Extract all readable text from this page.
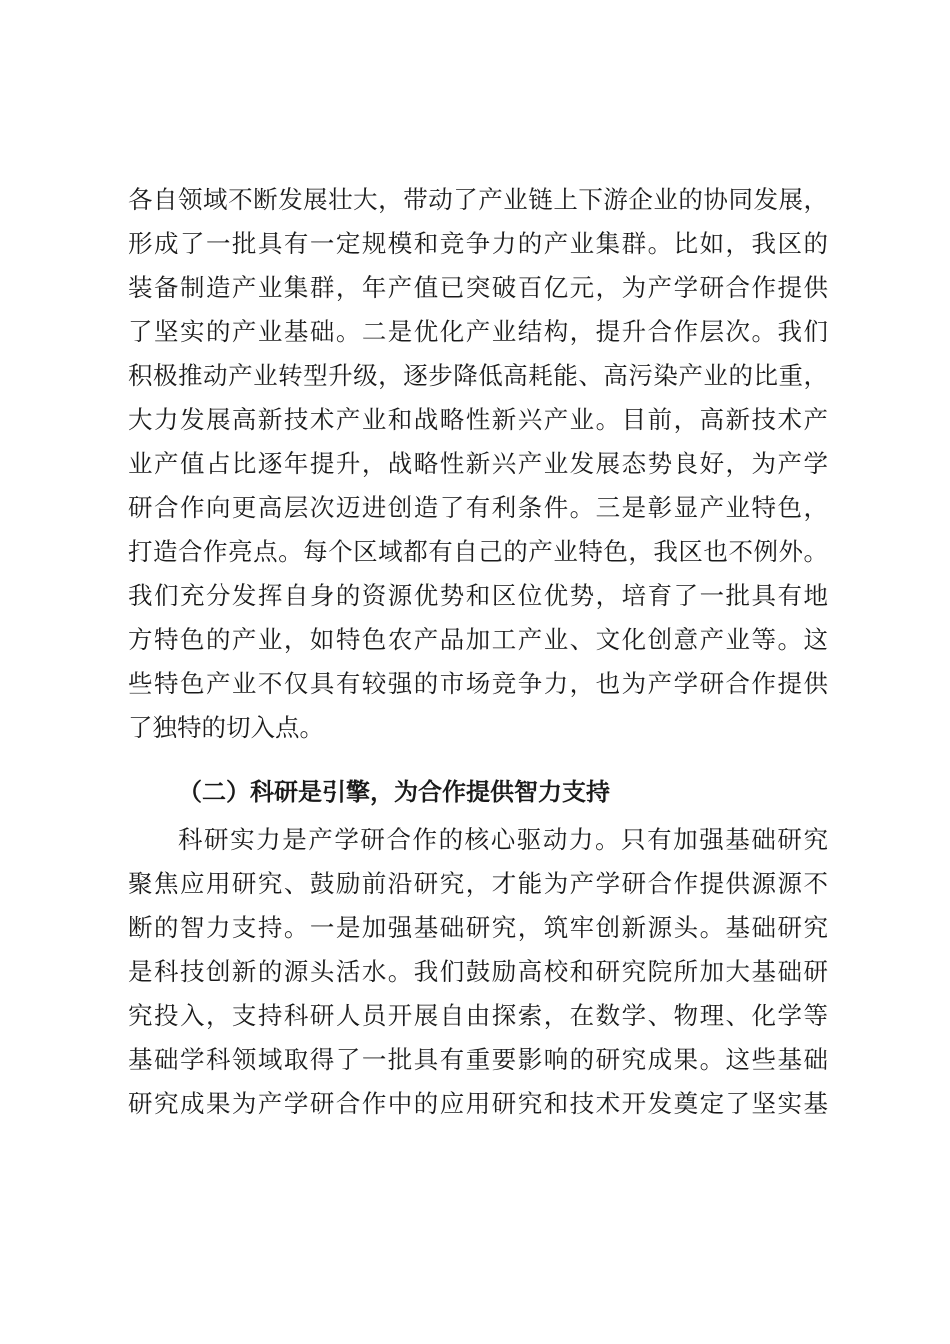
各自领域不断发展壮大，带动了产业链上下游企业的协同发展，
形成了一批具有一定规模和竞争力的产业集群。比如，我区的
装备制造产业集群，年产值已突破百亿元，为产学研合作提供
了坚实的产业基础。二是优化产业结构，提升合作层次。我们
积极推动产业转型升级，逐步降低高耗能、高污染产业的比重，
大力发展高新技术产业和战略性新兴产业。目前，高新技术产
业产值占比逐年提升，战略性新兴产业发展态势良好，为产学
研合作向更高层次迈进创造了有利条件。三是彰显产业特色，
打造合作亮点。每个区域都有自己的产业特色，我区也不例外。
我们充分发挥自身的资源优势和区位优势，培育了一批具有地
方特色的产业，如特色农产品加工产业、文化创意产业等。这
些特色产业不仅具有较强的市场竞争力，也为产学研合作提供
了独特的切入点。
（二）科研是引擎，为合作提供智力支持
科研实力是产学研合作的核心驱动力。只有加强基础研究
聚焦应用研究、鼓励前沿研究，才能为产学研合作提供源源不
断的智力支持。一是加强基础研究，筑牢创新源头。基础研究
是科技创新的源头活水。我们鼓励高校和研究院所加大基础研
究投入，支持科研人员开展自由探索，在数学、物理、化学等
基础学科领域取得了一批具有重要影响的研究成果。这些基础
研究成果为产学研合作中的应用研究和技术开发奠定了坚实基
